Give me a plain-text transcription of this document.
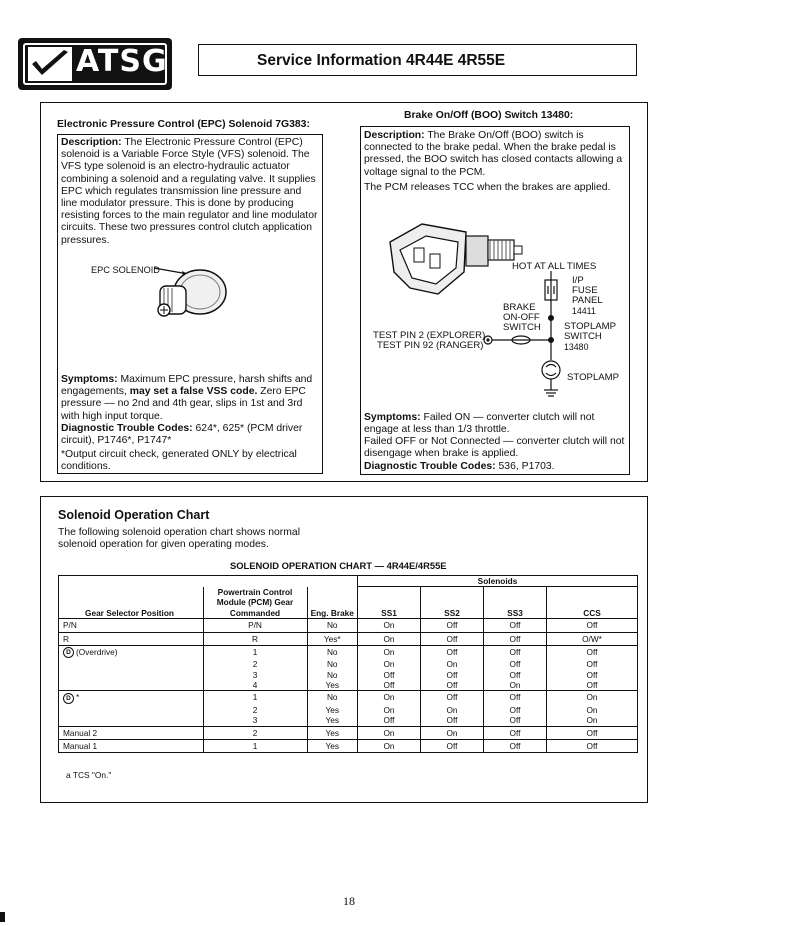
ATSG	Service Information 4R44E 4R55E
Electronic Pressure Control (EPC) Solenoid 7G383:
Description: The Electronic Pressure Control (EPC) solenoid is a Variable Force Style (VFS) solenoid. The VFS type solenoid is an electro-hydraulic actuator combining a solenoid and a regulating valve. It supplies EPC which regulates transmission line pressure and line modulator pressure. This is done by producing resisting forces to the main regulator and line modulator circuits. These two pressures control clutch application pressures.
EPC SOLENOID
Symptoms: Maximum EPC pressure, harsh shifts and engagements, may set a false VSS code. Zero EPC pressure — no 2nd and 4th gear, slips in 1st and 3rd with high input torque.
Diagnostic Trouble Codes: 624*, 625* (PCM driver circuit), P1746*, P1747*
*Output circuit check, generated ONLY by electrical conditions.
Brake On/Off (BOO) Switch 13480:
Description: The Brake On/Off (BOO) switch is connected to the brake pedal. When the brake pedal is pressed, the BOO switch has closed contacts allowing a voltage signal to the PCM.
The PCM releases TCC when the brakes are applied.
HOT AT ALL TIMES
I/P
FUSE
PANEL
14411
BRAKE
ON-OFF
SWITCH STOPLAMP
SWITCH
13480
TEST PIN 2 (EXPLORER)
TEST PIN 92 (RANGER)
STOPLAMP
Symptoms: Failed ON — converter clutch will not engage at less than 1/3 throttle.
Failed OFF or Not Connected — converter clutch will not disengage when brake is applied.
Diagnostic Trouble Codes: 536, P1703.
Solenoid Operation Chart
The following solenoid operation chart shows normal solenoid operation for given operating modes.
SOLENOID OPERATION CHART — 4R44E/4R55E
			Solenoids			
Gear Selector Position	Powertrain Control Module (PCM) Gear Commanded	Eng. Brake	SS1	SS2	SS3	CCS
P/N	P/N	No	On	Off	Off	Off
R	R	Yes*	On	Off	Off	O/W*
D (Overdrive)	1	No	On	Off	Off	Off
	2	No	On	On	Off	Off
	3	No	Off	Off	Off	Off
	4	Yes	Off	Off	On	Off
D *	1	No	On	Off	Off	On
	2	Yes	On	On	Off	On
	3	Yes	Off	Off	Off	On
Manual 2	2	Yes	On	On	Off	Off
Manual 1	1	Yes	On	Off	Off	Off
a TCS "On."
18
